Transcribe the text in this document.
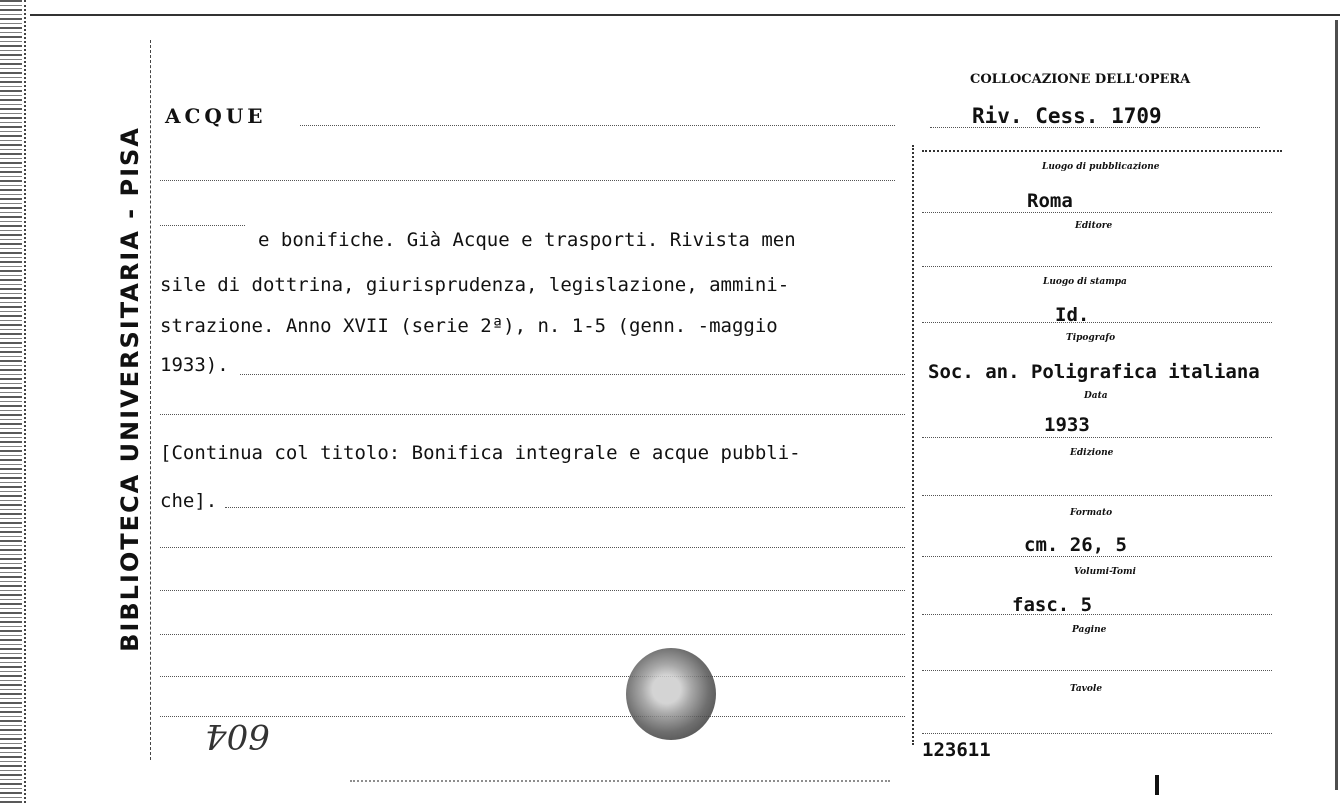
BIBLIOTECA UNIVERSITARIA - PISA
ACQUE
e bonifiche. Già Acque e trasporti. Rivista men
sile di dottrina, giurisprudenza, legislazione, ammini-
strazione. Anno XVII (serie 2ª), n. 1-5 (genn. -maggio
1933).
[Continua col titolo: Bonifica integrale e acque pubbli-
che].
COLLOCAZIONE DELL'OPERA
Riv. Cess. 1709
Luogo di pubblicazione
Roma
Editore
Luogo di stampa
Id.
Tipografo
Soc. an. Poligrafica italiana
Data
1933
Edizione
Formato
cm. 26, 5
Volumi-Tomi
fasc. 5
Pagine
Tavole
604	123611
